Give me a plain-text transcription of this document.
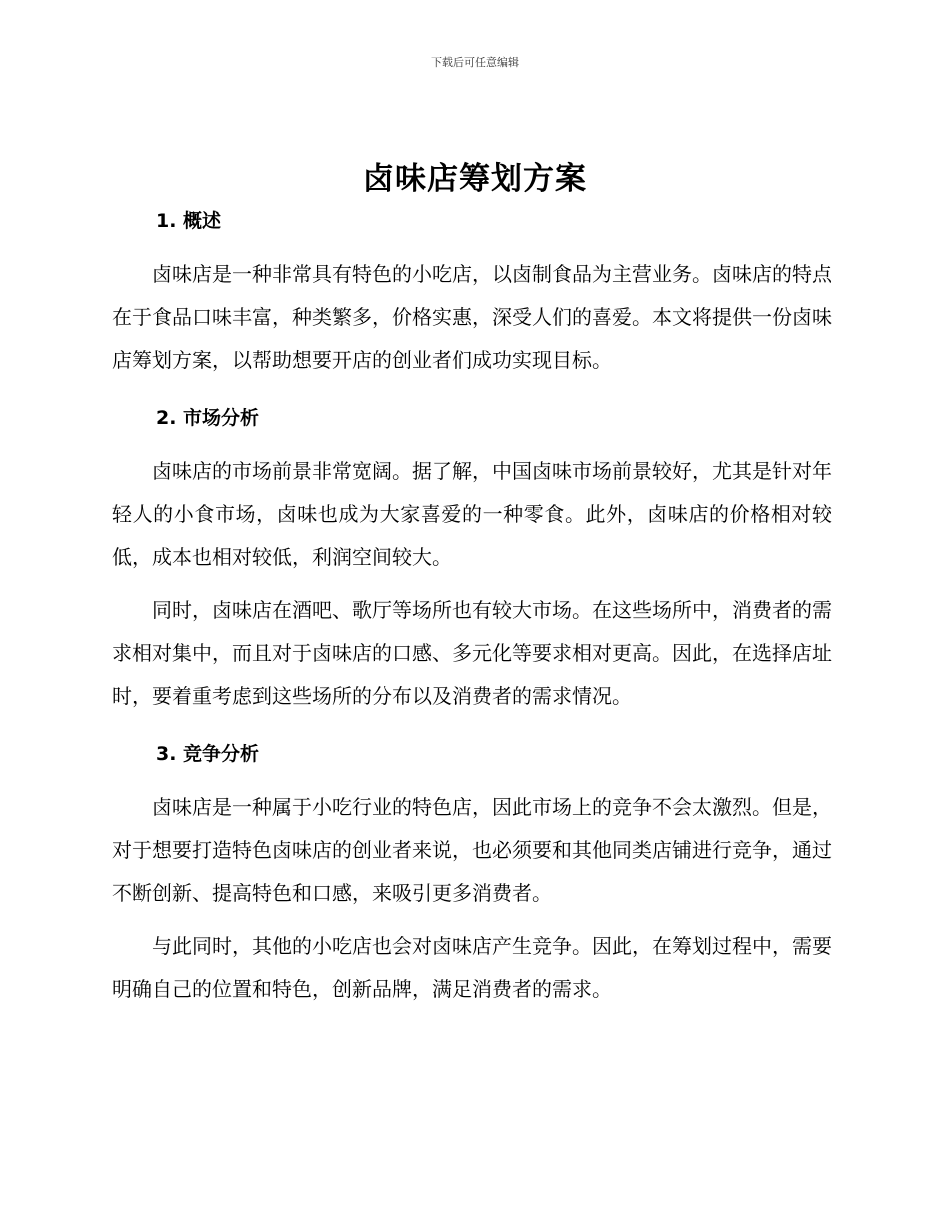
下载后可任意编辑
卤味店筹划方案
1. 概述

卤味店是一种非常具有特色的小吃店，以卤制食品为主营业务。卤味店的特点在于食品口味丰富，种类繁多，价格实惠，深受人们的喜爱。本文将提供一份卤味店筹划方案，以帮助想要开店的创业者们成功实现目标。

2. 市场分析

卤味店的市场前景非常宽阔。据了解，中国卤味市场前景较好，尤其是针对年轻人的小食市场，卤味也成为大家喜爱的一种零食。此外，卤味店的价格相对较低，成本也相对较低，利润空间较大。

同时，卤味店在酒吧、歌厅等场所也有较大市场。在这些场所中，消费者的需求相对集中，而且对于卤味店的口感、多元化等要求相对更高。因此，在选择店址时，要着重考虑到这些场所的分布以及消费者的需求情况。

3. 竞争分析

卤味店是一种属于小吃行业的特色店，因此市场上的竞争不会太激烈。但是，对于想要打造特色卤味店的创业者来说，也必须要和其他同类店铺进行竞争，通过不断创新、提高特色和口感，来吸引更多消费者。

与此同时，其他的小吃店也会对卤味店产生竞争。因此，在筹划过程中，需要明确自己的位置和特色，创新品牌，满足消费者的需求。
